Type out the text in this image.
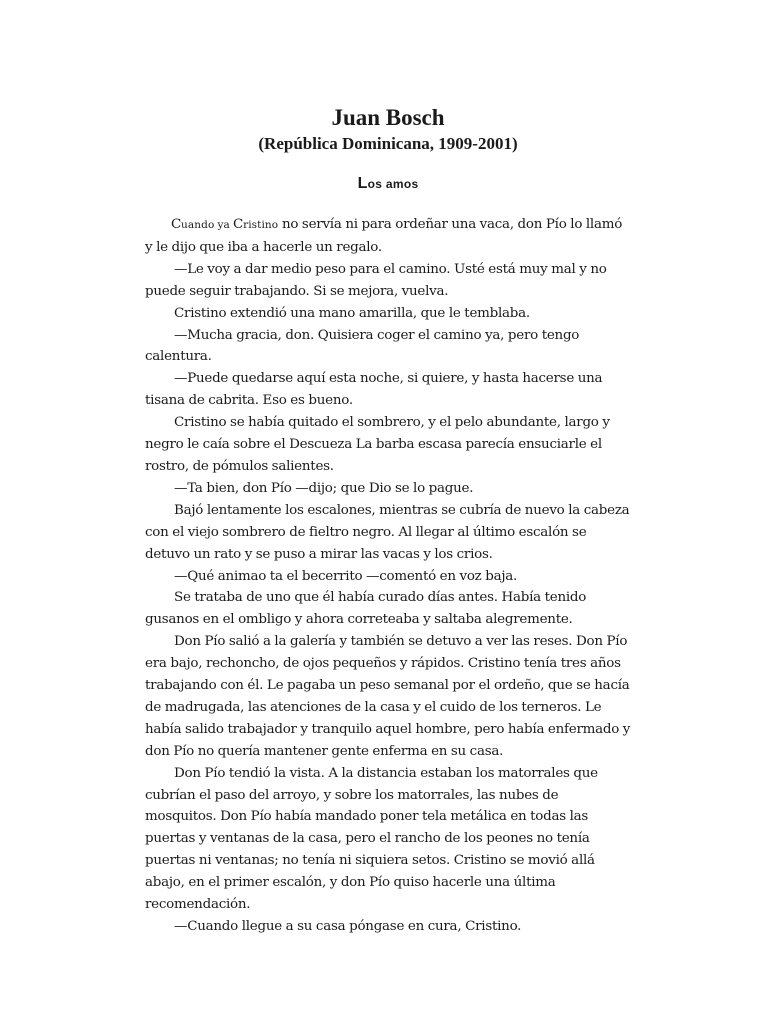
Juan Bosch
(República Dominicana, 1909-2001)
Los amos

Cuando ya Cristino no servía ni para ordeñar una vaca, don Pío lo llamó y le dijo que iba a hacerle un regalo.

—Le voy a dar medio peso para el camino. Usté está muy mal y no puede seguir trabajando. Si se mejora, vuelva.

Cristino extendió una mano amarilla, que le temblaba.

—Mucha gracia, don. Quisiera coger el camino ya, pero tengo calentura.

—Puede quedarse aquí esta noche, si quiere, y hasta hacerse una tisana de cabrita. Eso es bueno.

Cristino se había quitado el sombrero, y el pelo abundante, largo y negro le caía sobre el Descueza La barba escasa parecía ensuciarle el rostro, de pómulos salientes.

—Ta bien, don Pío —dijo; que Dio se lo pague.

Bajó lentamente los escalones, mientras se cubría de nuevo la cabeza con el viejo sombrero de fieltro negro. Al llegar al último escalón se detuvo un rato y se puso a mirar las vacas y los crios.

—Qué animao ta el becerrito —comentó en voz baja.

Se trataba de uno que él había curado días antes. Había tenido gusanos en el ombligo y ahora correteaba y saltaba alegremente.

Don Pío salió a la galería y también se detuvo a ver las reses. Don Pío era bajo, rechoncho, de ojos pequeños y rápidos. Cristino tenía tres años trabajando con él. Le pagaba un peso semanal por el ordeño, que se hacía de madrugada, las atenciones de la casa y el cuido de los terneros. Le había salido trabajador y tranquilo aquel hombre, pero había enfermado y don Pío no quería mantener gente enferma en su casa.

Don Pío tendió la vista. A la distancia estaban los matorrales que cubrían el paso del arroyo, y sobre los matorrales, las nubes de mosquitos. Don Pío había mandado poner tela metálica en todas las puertas y ventanas de la casa, pero el rancho de los peones no tenía puertas ni ventanas; no tenía ni siquiera setos. Cristino se movió allá abajo, en el primer escalón, y don Pío quiso hacerle una última recomendación.

—Cuando llegue a su casa póngase en cura, Cristino.
